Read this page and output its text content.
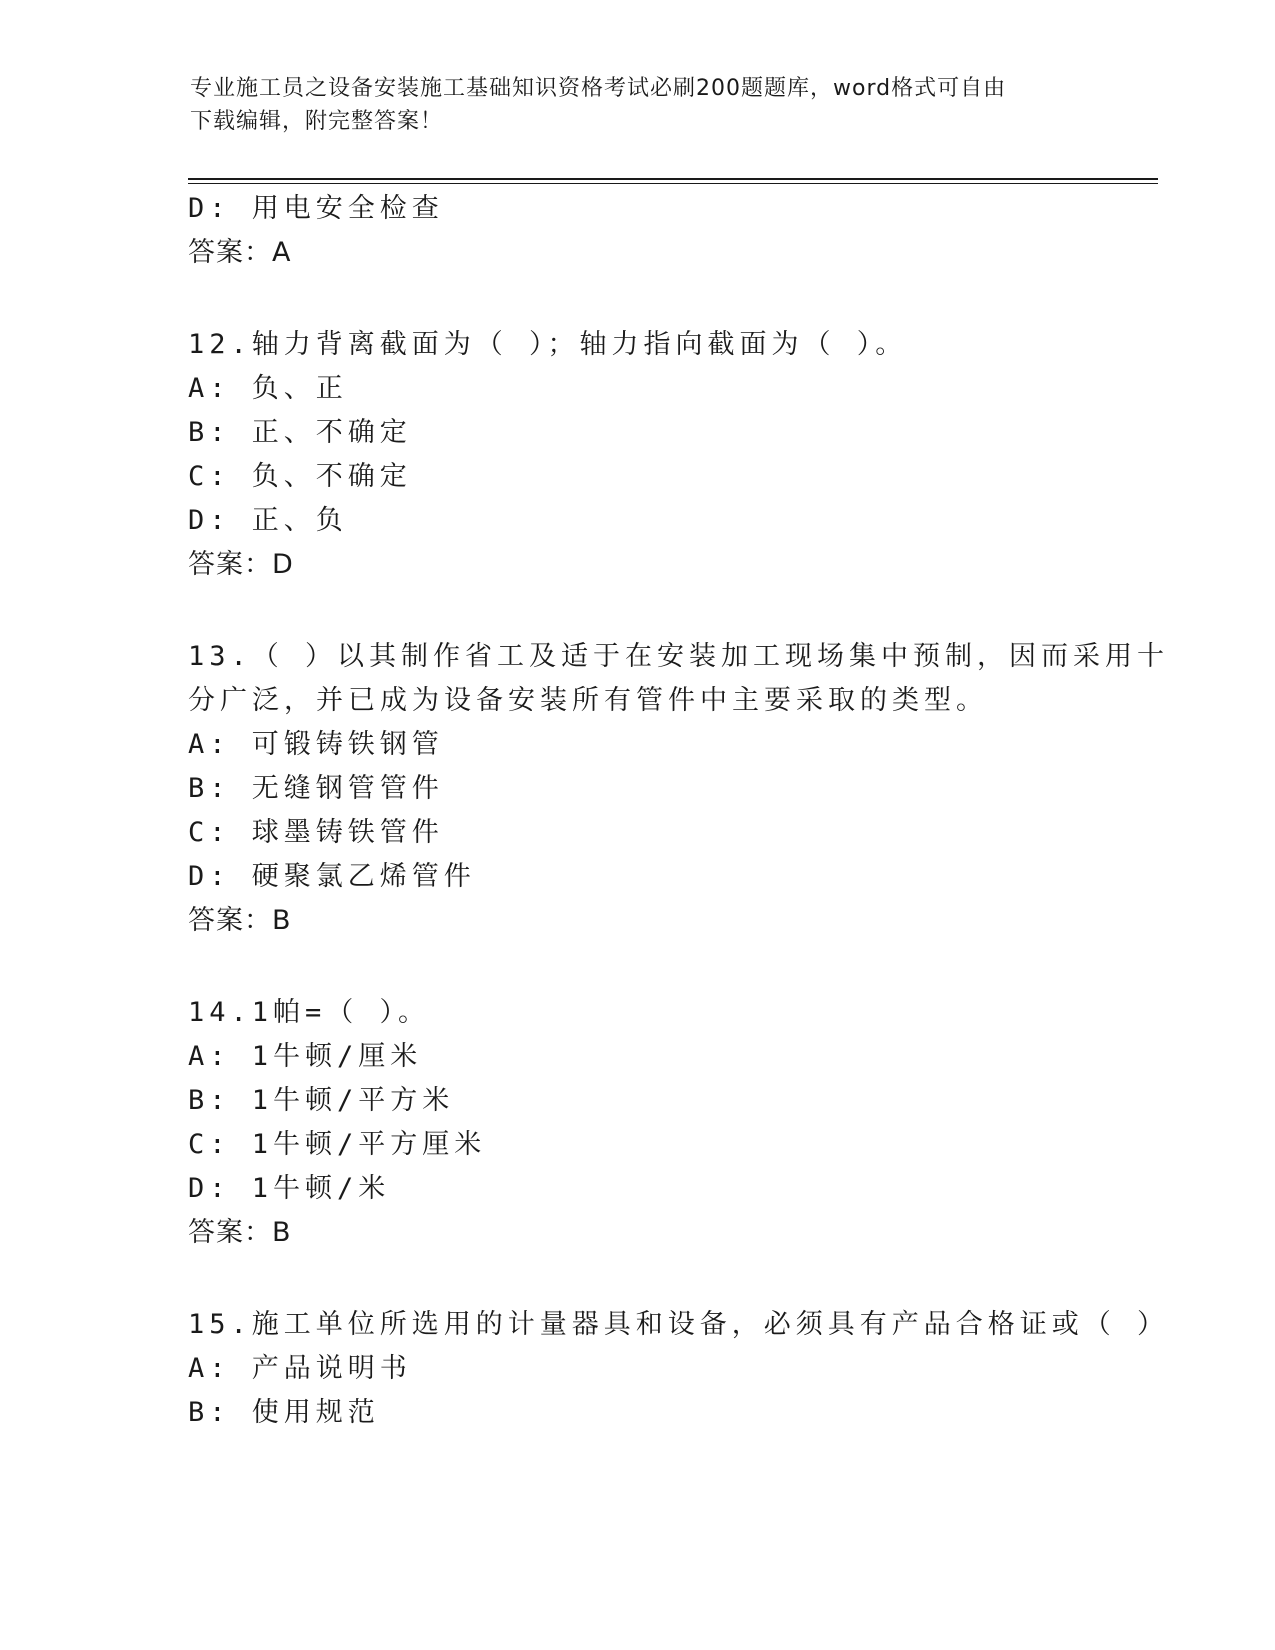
专业施工员之设备安装施工基础知识资格考试必刷200题题库，word格式可自由
下载编辑，附完整答案！
D: 用电安全检查
答案：A
12.轴力背离截面为（ ）；轴力指向截面为（ ）。
A: 负、正
B: 正、不确定
C: 负、不确定
D: 正、负
答案：D
13.（ ）以其制作省工及适于在安装加工现场集中预制，因而采用十
分广泛，并已成为设备安装所有管件中主要采取的类型。
A: 可锻铸铁钢管
B: 无缝钢管管件
C: 球墨铸铁管件
D: 硬聚氯乙烯管件
答案：B
14.1帕=（ ）。
A: 1牛顿/厘米
B: 1牛顿/平方米
C: 1牛顿/平方厘米
D: 1牛顿/米
答案：B
15.施工单位所选用的计量器具和设备，必须具有产品合格证或（ ）
A: 产品说明书
B: 使用规范
